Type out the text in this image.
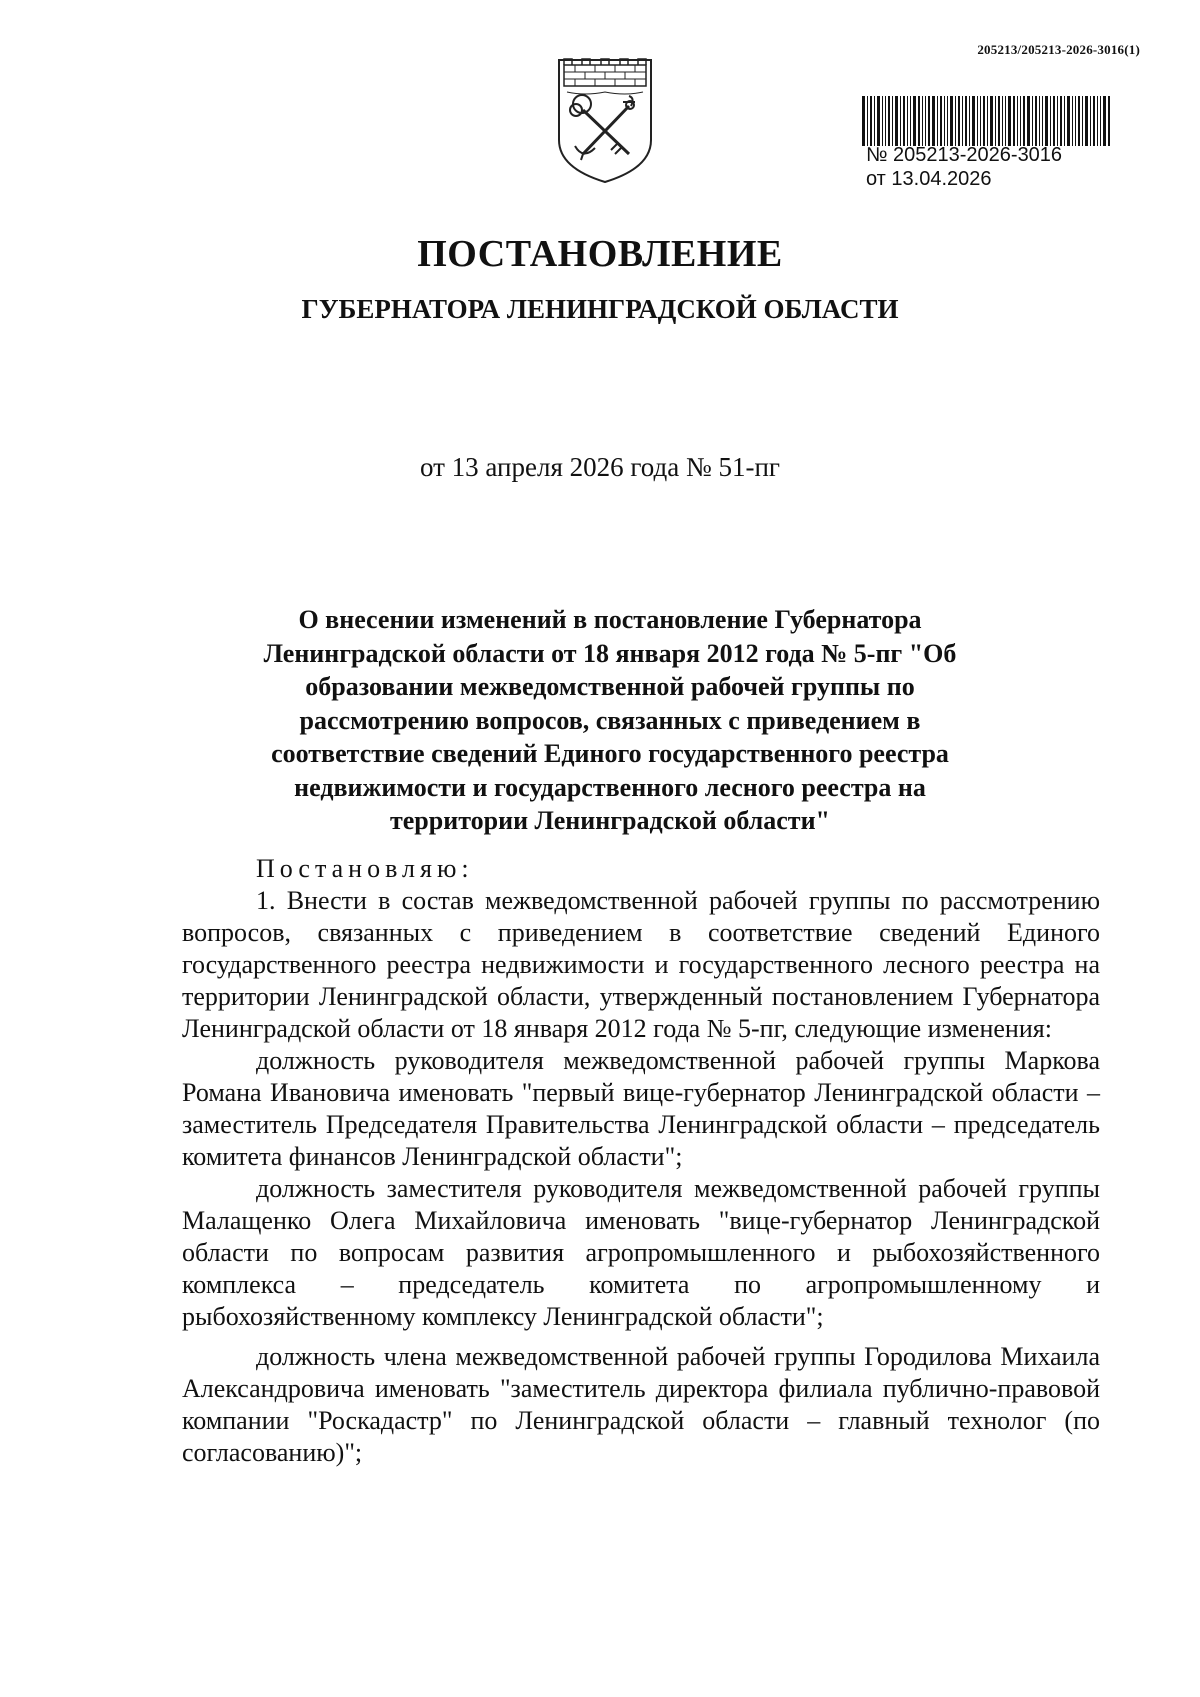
205213/205213-2026-3016(1)
№ 205213-2026-3016
от 13.04.2026
ПОСТАНОВЛЕНИЕ
ГУБЕРНАТОРА ЛЕНИНГРАДСКОЙ ОБЛАСТИ
от 13 апреля 2026 года № 51-пг
О внесении изменений в постановление Губернатора Ленинградской области от 18 января 2012 года № 5-пг "Об образовании межведомственной рабочей группы по рассмотрению вопросов, связанных с приведением в соответствие сведений Единого государственного реестра недвижимости и государственного лесного реестра на территории Ленинградской области"

Постановляю:

1. Внести в состав межведомственной рабочей группы по рассмотрению вопросов, связанных с приведением в соответствие сведений Единого государственного реестра недвижимости и государственного лесного реестра на территории Ленинградской области, утвержденный постановлением Губернатора Ленинградской области от 18 января 2012 года № 5-пг, следующие изменения:

должность руководителя межведомственной рабочей группы Маркова Романа Ивановича именовать "первый вице-губернатор Ленинградской области – заместитель Председателя Правительства Ленинградской области – председатель комитета финансов Ленинградской области";

должность заместителя руководителя межведомственной рабочей группы Малащенко Олега Михайловича именовать "вице-губернатор Ленинградской области по вопросам развития агропромышленного и рыбохозяйственного комплекса – председатель комитета по агропромышленному и рыбохозяйственному комплексу Ленинградской области";

должность члена межведомственной рабочей группы Городилова Михаила Александровича именовать "заместитель директора филиала публично-правовой компании "Роскадастр" по Ленинградской области – главный технолог (по согласованию)";
